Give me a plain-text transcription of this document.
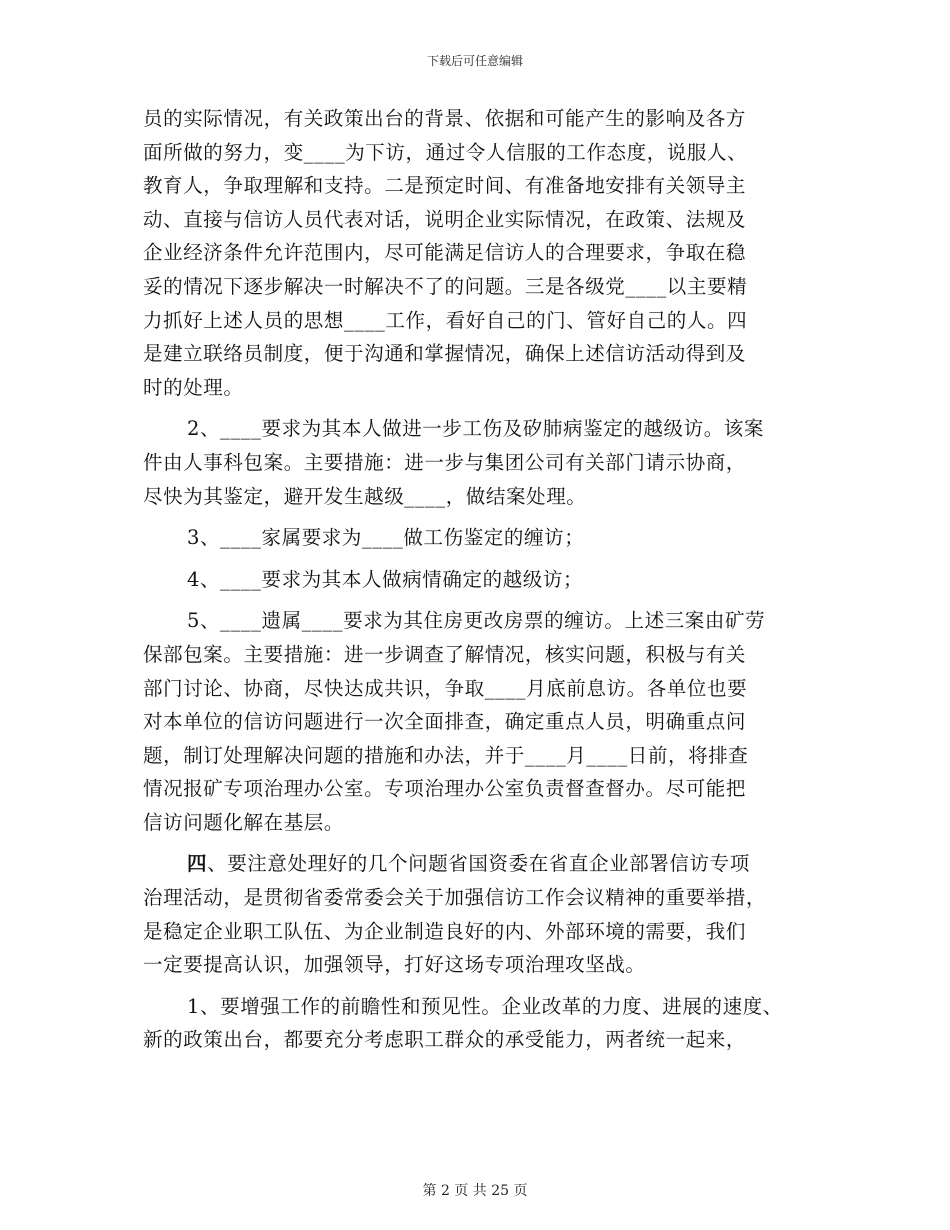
下载后可任意编辑
员的实际情况，有关政策出台的背景、依据和可能产生的影响及各方
面所做的努力，变____为下访，通过令人信服的工作态度，说服人、
教育人，争取理解和支持。二是预定时间、有准备地安排有关领导主
动、直接与信访人员代表对话，说明企业实际情况，在政策、法规及
企业经济条件允许范围内，尽可能满足信访人的合理要求，争取在稳
妥的情况下逐步解决一时解决不了的问题。三是各级党____以主要精
力抓好上述人员的思想____工作，看好自己的门、管好自己的人。四
是建立联络员制度，便于沟通和掌握情况，确保上述信访活动得到及
时的处理。
2、____要求为其本人做进一步工伤及矽肺病鉴定的越级访。该案
件由人事科包案。主要措施：进一步与集团公司有关部门请示协商，
尽快为其鉴定，避开发生越级____，做结案处理。
3、____家属要求为____做工伤鉴定的缠访；
4、____要求为其本人做病情确定的越级访；
5、____遗属____要求为其住房更改房票的缠访。上述三案由矿劳
保部包案。主要措施：进一步调查了解情况，核实问题，积极与有关
部门讨论、协商，尽快达成共识，争取____月底前息访。各单位也要
对本单位的信访问题进行一次全面排查，确定重点人员，明确重点问
题，制订处理解决问题的措施和办法，并于____月____日前，将排查
情况报矿专项治理办公室。专项治理办公室负责督查督办。尽可能把
信访问题化解在基层。
四、要注意处理好的几个问题省国资委在省直企业部署信访专项
治理活动，是贯彻省委常委会关于加强信访工作会议精神的重要举措，
是稳定企业职工队伍、为企业制造良好的内、外部环境的需要，我们
一定要提高认识，加强领导，打好这场专项治理攻坚战。
1、要增强工作的前瞻性和预见性。企业改革的力度、进展的速度、
新的政策出台，都要充分考虑职工群众的承受能力，两者统一起来，
第 2 页 共 25 页
